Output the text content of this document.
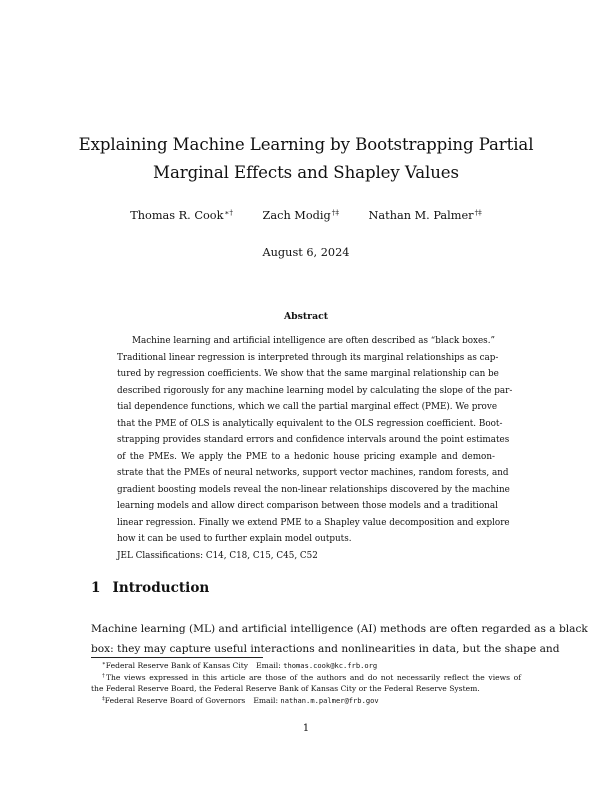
Explaining Machine Learning by Bootstrapping Partial
Marginal Effects and Shapley Values
Thomas R. Cook∗†	Zach Modig†‡	Nathan M. Palmer†‡
August 6, 2024
Abstract
Machine learning and artificial intelligence are often described as “black boxes.”
Traditional linear regression is interpreted through its marginal relationships as cap-
tured by regression coefficients. We show that the same marginal relationship can be
described rigorously for any machine learning model by calculating the slope of the par-
tial dependence functions, which we call the partial marginal effect (PME). We prove
that the PME of OLS is analytically equivalent to the OLS regression coefficient. Boot-
strapping provides standard errors and confidence intervals around the point estimates
of the PMEs. We apply the PME to a hedonic house pricing example and demon-
strate that the PMEs of neural networks, support vector machines, random forests, and
gradient boosting models reveal the non-linear relationships discovered by the machine
learning models and allow direct comparison between those models and a traditional
linear regression. Finally we extend PME to a Shapley value decomposition and explore
how it can be used to further explain model outputs.
JEL Classifications: C14, C18, C15, C45, C52
1 Introduction
Machine learning (ML) and artificial intelligence (AI) methods are often regarded as a black
box: they may capture useful interactions and nonlinearities in data, but the shape and
∗Federal Reserve Bank of Kansas City Email: thomas.cook@kc.frb.org
†The views expressed in this article are those of the authors and do not necessarily reflect the views of
the Federal Reserve Board, the Federal Reserve Bank of Kansas City or the Federal Reserve System.
‡Federal Reserve Board of Governors Email: nathan.m.palmer@frb.gov
1
